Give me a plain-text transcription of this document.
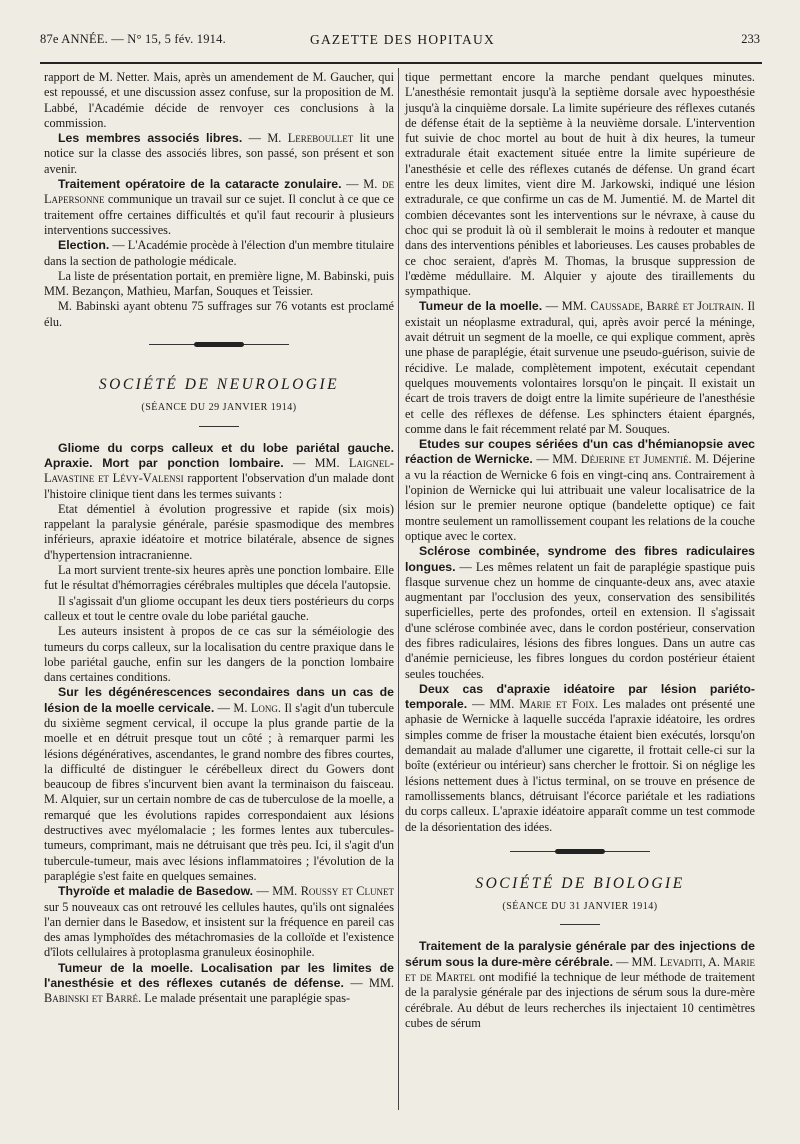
87e ANNÉE. — N° 15, 5 fév. 1914.	GAZETTE DES HOPITAUX	233

rapport de M. Netter. Mais, après un amendement de M. Gaucher, qui est repoussé, et une discussion assez confuse, sur la proposition de M. Labbé, l'Académie décide de renvoyer ces conclusions à la commission.

Les membres associés libres. — M. Lereboullet lit une notice sur la classe des associés libres, son passé, son présent et son avenir.

Traitement opératoire de la cataracte zonulaire. — M. de Lapersonne communique un travail sur ce sujet. Il conclut à ce que ce traitement offre certaines difficultés et qu'il faut recourir à plusieurs interventions successives.

Election. — L'Académie procède à l'élection d'un membre titulaire dans la section de pathologie médicale.

La liste de présentation portait, en première ligne, M. Babinski, puis MM. Bezançon, Mathieu, Marfan, Souques et Teissier.

M. Babinski ayant obtenu 75 suffrages sur 76 votants est proclamé élu.

SOCIÉTÉ DE NEUROLOGIE
(SÉANCE DU 29 JANVIER 1914)

Gliome du corps calleux et du lobe pariétal gauche. Apraxie. Mort par ponction lombaire. — MM. Laignel-Lavastine et Lévy-Valensi rapportent l'observation d'un malade dont l'histoire clinique tient dans les termes suivants :

Etat démentiel à évolution progressive et rapide (six mois) rappelant la paralysie générale, parésie spasmodique des membres inférieurs, apraxie idéatoire et motrice bilatérale, absence de signes d'hypertension intracranienne.

La mort survient trente-six heures après une ponction lombaire. Elle fut le résultat d'hémorragies cérébrales multiples que décela l'autopsie.

Il s'agissait d'un gliome occupant les deux tiers postérieurs du corps calleux et tout le centre ovale du lobe pariétal gauche.

Les auteurs insistent à propos de ce cas sur la séméiologie des tumeurs du corps calleux, sur la localisation du centre praxique dans le lobe pariétal gauche, enfin sur les dangers de la ponction lombaire dans certaines conditions.

Sur les dégénérescences secondaires dans un cas de lésion de la moelle cervicale. — M. Long. Il s'agit d'un tubercule du sixième segment cervical, il occupe la plus grande partie de la moelle et en détruit presque tout un côté ; à remarquer parmi les lésions dégénératives, ascendantes, le grand nombre des fibres courtes, la difficulté de distinguer le cérébelleux direct du Gowers dont beaucoup de fibres s'incurvent bien avant la terminaison du faisceau. M. Alquier, sur un certain nombre de cas de tuberculose de la moelle, a remarqué que les évolutions rapides correspondaient aux lésions destructives avec myélomalacie ; les formes lentes aux tubercules-tumeurs, comprimant, mais ne détruisant que très peu. Ici, il s'agit d'un tubercule-tumeur, mais avec lésions inflammatoires ; l'évolution de la paraplégie s'est faite en quelques semaines.

Thyroïde et maladie de Basedow. — MM. Roussy et Clunet sur 5 nouveaux cas ont retrouvé les cellules hautes, qu'ils ont signalées l'an dernier dans le Basedow, et insistent sur la fréquence en pareil cas des amas lymphoïdes des métachromasies de la colloïde et l'existence d'îlots cellulaires à protoplasma granuleux éosinophile.

Tumeur de la moelle. Localisation par les limites de l'anesthésie et des réflexes cutanés de défense. — MM. Babinski et Barré. Le malade présentait une paraplégie spas-

tique permettant encore la marche pendant quelques minutes. L'anesthésie remontait jusqu'à la septième dorsale avec hypoesthésie jusqu'à la cinquième dorsale. La limite supérieure des réflexes cutanés de défense était de la septième à la neuvième dorsale. L'intervention fut suivie de choc mortel au bout de huit à dix heures, la tumeur extradurale était exactement située entre la limite supérieure de l'anesthésie et celle des réflexes cutanés de défense. Un grand écart entre les deux limites, vient dire M. Jarkowski, indiqué une lésion extradurale, ce que confirme un cas de M. Jumentié. M. de Martel dit combien décevantes sont les interventions sur le névraxe, à cause du choc qui se produit là où il semblerait le moins à redouter et manque dans des interventions pénibles et laborieuses. Les causes probables de ce choc seraient, d'après M. Thomas, la brusque suppression de l'œdème médullaire. M. Alquier y ajoute des tiraillements du sympathique.

Tumeur de la moelle. — MM. Caussade, Barré et Joltrain. Il existait un néoplasme extradural, qui, après avoir percé la méninge, avait détruit un segment de la moelle, ce qui explique comment, après une phase de paraplégie, était survenue une pseudo-guérison, suivie de récidive. Le malade, complètement impotent, exécutait cependant quelques mouvements volontaires lorsqu'on le pinçait. Il existait un écart de trois travers de doigt entre la limite supérieure de l'anesthésie et celle des réflexes de défense. Les sphincters étaient épargnés, comme dans le fait récemment relaté par M. Souques.

Etudes sur coupes sériées d'un cas d'hémianopsie avec réaction de Wernicke. — MM. Déjerine et Jumentié. M. Déjerine a vu la réaction de Wernicke 6 fois en vingt-cinq ans. Contrairement à l'opinion de Wernicke qui lui attribuait une valeur localisatrice de la lésion sur le premier neurone optique (bandelette optique) ce fait montre seulement un ramollissement coupant les relations de la couche optique avec le cortex.

Sclérose combinée, syndrome des fibres radiculaires longues. — Les mêmes relatent un fait de paraplégie spastique puis flasque survenue chez un homme de cinquante-deux ans, avec ataxie augmentant par l'occlusion des yeux, conservation des sensibilités superficielles, perte des profondes, orteil en extension. Il s'agissait d'une sclérose combinée avec, dans le cordon postérieur, conservation des fibres radiculaires, lésions des fibres longues. Dans un autre cas d'anémie pernicieuse, les fibres longues du cordon postérieur étaient seules touchées.

Deux cas d'apraxie idéatoire par lésion pariéto-temporale. — MM. Marie et Foix. Les malades ont présenté une aphasie de Wernicke à laquelle succéda l'apraxie idéatoire, les ordres simples comme de friser la moustache étaient bien exécutés, lorsqu'on demandait au malade d'allumer une cigarette, il frottait celle-ci sur la boîte (extérieur ou intérieur) sans chercher le frottoir. Si on néglige les lésions nettement dues à l'ictus terminal, on se trouve en présence de ramollissements blancs, détruisant l'écorce pariétale et les radiations du corps calleux. L'apraxie idéatoire apparaît comme un test commode de la désorientation des idées.

SOCIÉTÉ DE BIOLOGIE
(SÉANCE DU 31 JANVIER 1914)

Traitement de la paralysie générale par des injections de sérum sous la dure-mère cérébrale. — MM. Levaditi, A. Marie et de Martel ont modifié la technique de leur méthode de traitement de la paralysie générale par des injections de sérum sous la dure-mère cérébrale. Au début de leurs recherches ils injectaient 10 centimètres cubes de sérum
